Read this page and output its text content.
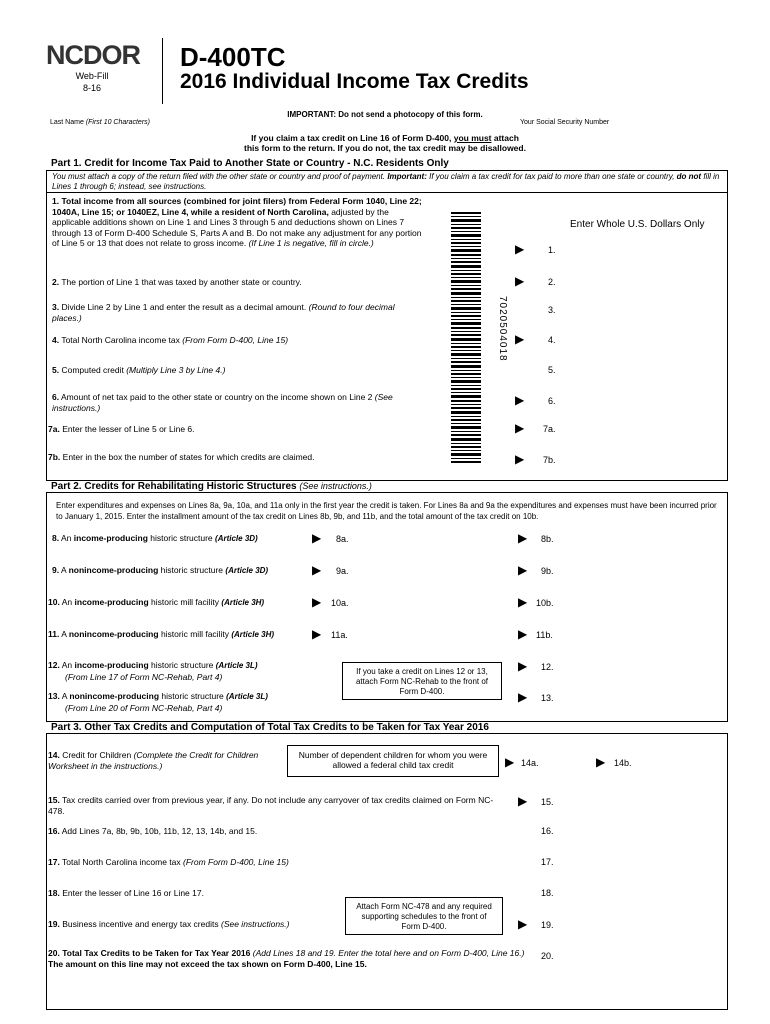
NCDOR
Web-Fill
8-16
D-400TC
2016 Individual Income Tax Credits
IMPORTANT: Do not send a photocopy of this form.
Last Name (First 10 Characters)	Your Social Security Number
If you claim a tax credit on Line 16 of Form D-400, you must attach
this form to the return. If you do not, the tax credit may be disallowed.
Part 1. Credit for Income Tax Paid to Another State or Country - N.C. Residents Only
You must attach a copy of the return filed with the other state or country and proof of payment. Important: If you claim a tax credit for tax paid to more than one state or country, do not fill in Lines 1 through 6; instead, see instructions.
Enter Whole U.S. Dollars Only
1. Total income from all sources (combined for joint filers) from Federal Form 1040, Line 22; 1040A, Line 15; or 1040EZ, Line 4, while a resident of North Carolina, adjusted by the applicable additions shown on Line 1 and Lines 3 through 5 and deductions shown on Lines 7 through 13 of Form D-400 Schedule S, Parts A and B. Do not make any adjustment for any portion of Line 5 or 13 that does not relate to gross income. (If Line 1 is negative, fill in circle.)	▶	1.
2. The portion of Line 1 that was taxed by another state or country.	▶	2.
3. Divide Line 2 by Line 1 and enter the result as a decimal amount. (Round to four decimal places.)
3.
4. Total North Carolina income tax (From Form D-400, Line 15)	▶	4.
5. Computed credit (Multiply Line 3 by Line 4.)	5.
6. Amount of net tax paid to the other state or country on the income shown on Line 2 (See instructions.)
▶	6.
7a. Enter the lesser of Line 5 or Line 6.	▶ 7a.
7b. Enter in the box the number of states for which credits are claimed.	▶ 7b.
7020504018
Part 2. Credits for Rehabilitating Historic Structures (See instructions.)
Enter expenditures and expenses on Lines 8a, 9a, 10a, and 11a only in the first year the credit is taken. For Lines 8a and 9a the expenditures and expenses must have been incurred prior to January 1, 2015. Enter the installment amount of the tax credit on Lines 8b, 9b, and 11b, and the total amount of the tax credit on 10b.
8. An income-producing historic structure (Article 3D)	▶ 8a.	▶ 8b.
9. A nonincome-producing historic structure (Article 3D)	▶ 9a.	▶ 9b.
10. An income-producing historic mill facility (Article 3H)	▶ 10a.	▶ 10b.
11. A nonincome-producing historic mill facility (Article 3H)	▶ 11a.	▶ 11b.
12. An income-producing historic structure (Article 3L)
(From Line 17 of Form NC-Rehab, Part 4)
▶ 12.
13. A nonincome-producing historic structure (Article 3L)
(From Line 20 of Form NC-Rehab, Part 4)
▶ 13.
If you take a credit on Lines 12 or 13, attach Form NC-Rehab to the front of Form D-400.
Part 3. Other Tax Credits and Computation of Total Tax Credits to be Taken for Tax Year 2016
14. Credit for Children (Complete the Credit for Children Worksheet in the instructions.)
Number of dependent children for whom you were allowed a federal child tax credit	▶ 14a.	▶ 14b.
15. Tax credits carried over from previous year, if any. Do not include any carryover of tax credits claimed on Form NC-478.
▶ 15.
16. Add Lines 7a, 8b, 9b, 10b, 11b, 12, 13, 14b, and 15.	16.
17. Total North Carolina income tax (From Form D-400, Line 15)	17.
18. Enter the lesser of Line 16 or Line 17.	18.
Attach Form NC-478 and any required supporting schedules to the front of Form D-400.
19. Business incentive and energy tax credits (See instructions.)	▶ 19.
20. Total Tax Credits to be Taken for Tax Year 2016 (Add Lines 18 and 19. Enter the total here and on Form D-400, Line 16.) The amount on this line may not exceed the tax shown on Form D-400, Line 15.
20.
